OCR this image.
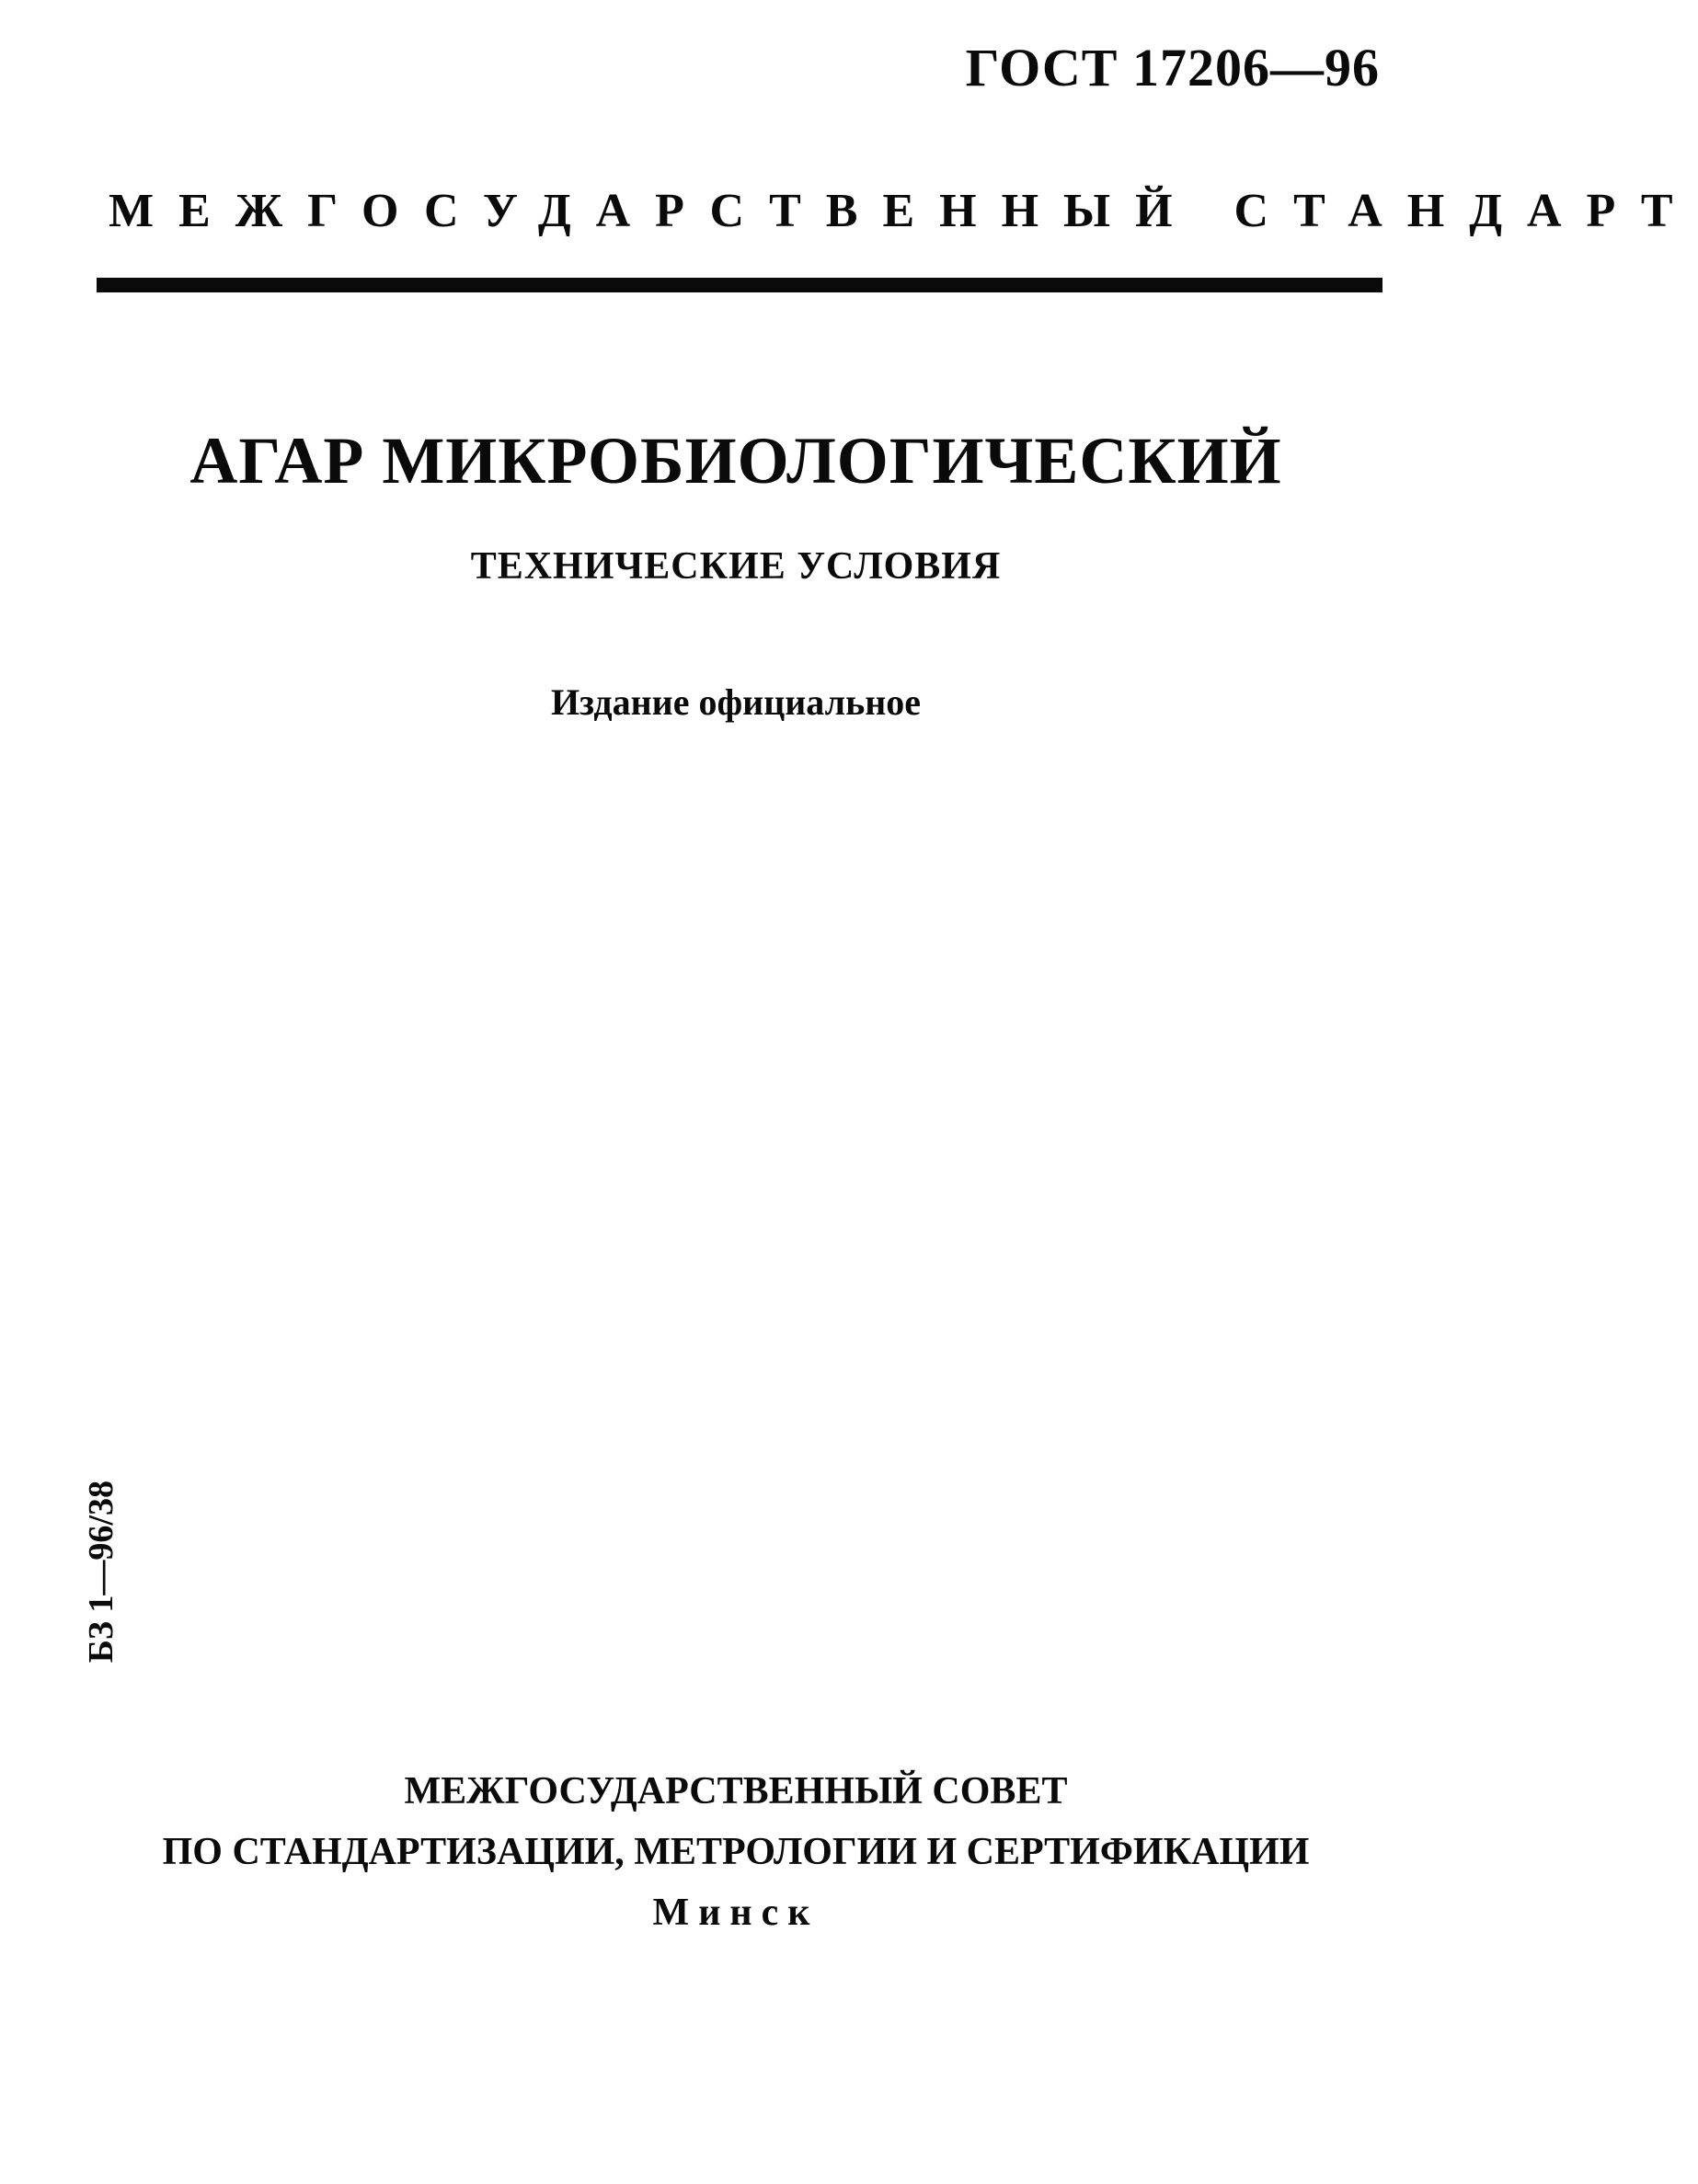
ГОСТ 17206—96
МЕЖГОСУДАРСТВЕННЫЙ СТАНДАРТ
АГАР МИКРОБИОЛОГИЧЕСКИЙ
ТЕХНИЧЕСКИЕ УСЛОВИЯ
Издание официальное
БЗ 1—96/38
МЕЖГОСУДАРСТВЕННЫЙ СОВЕТ
ПО СТАНДАРТИЗАЦИИ, МЕТРОЛОГИИ И СЕРТИФИКАЦИИ
Минск
